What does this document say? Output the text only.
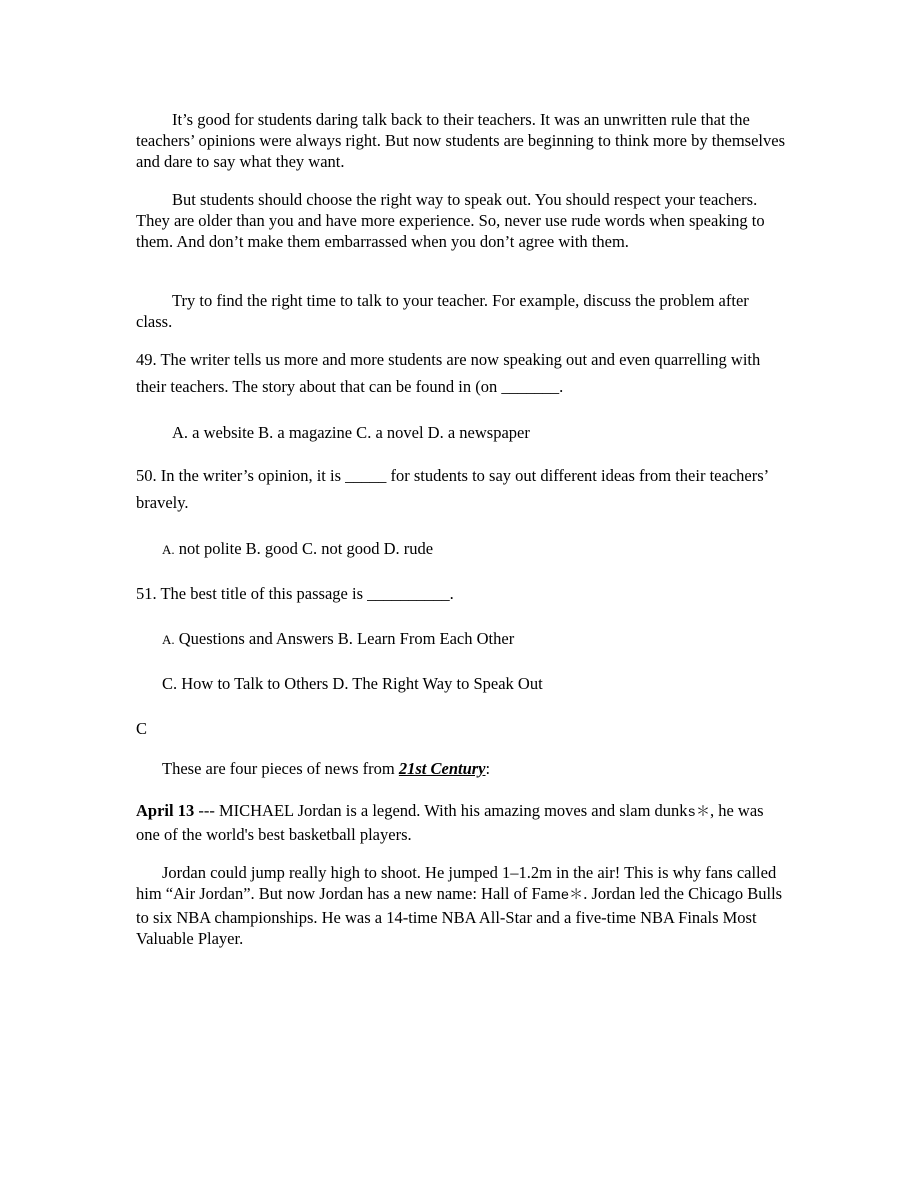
It’s good for students daring talk back to their teachers. It was an unwritten rule that the teachers’ opinions were always right. But now students are beginning to think more by themselves and dare to say what they want.

But students should choose the right way to speak out. You should respect your teachers. They are older than you and have more experience. So, never use rude words when speaking to them. And don’t make them embarrassed when you don’t agree with them.

Try to find the right time to talk to your teacher. For example, discuss the problem after class.

49. The writer tells us more and more students are now speaking out and even quarrelling with their teachers. The story about that can be found in (on _______.

A. a website B. a magazine C. a novel D. a newspaper

50. In the writer’s opinion, it is _____ for students to say out different ideas from their teachers’ bravely.

A. not polite B. good C. not good D. rude

51. The best title of this passage is __________.

A. Questions and Answers B. Learn From Each Other

C. How to Talk to Others D. The Right Way to Speak Out

C

These are four pieces of news from 21st Century:

April 13 --- MICHAEL Jordan is a legend. With his amazing moves and slam dunks＊, he was one of the world's best basketball players.

Jordan could jump really high to shoot. He jumped 1–1.2m in the air! This is why fans called him “Air Jordan”. But now Jordan has a new name: Hall of Fame＊. Jordan led the Chicago Bulls to six NBA championships. He was a 14-time NBA All-Star and a five-time NBA Finals Most Valuable Player.
